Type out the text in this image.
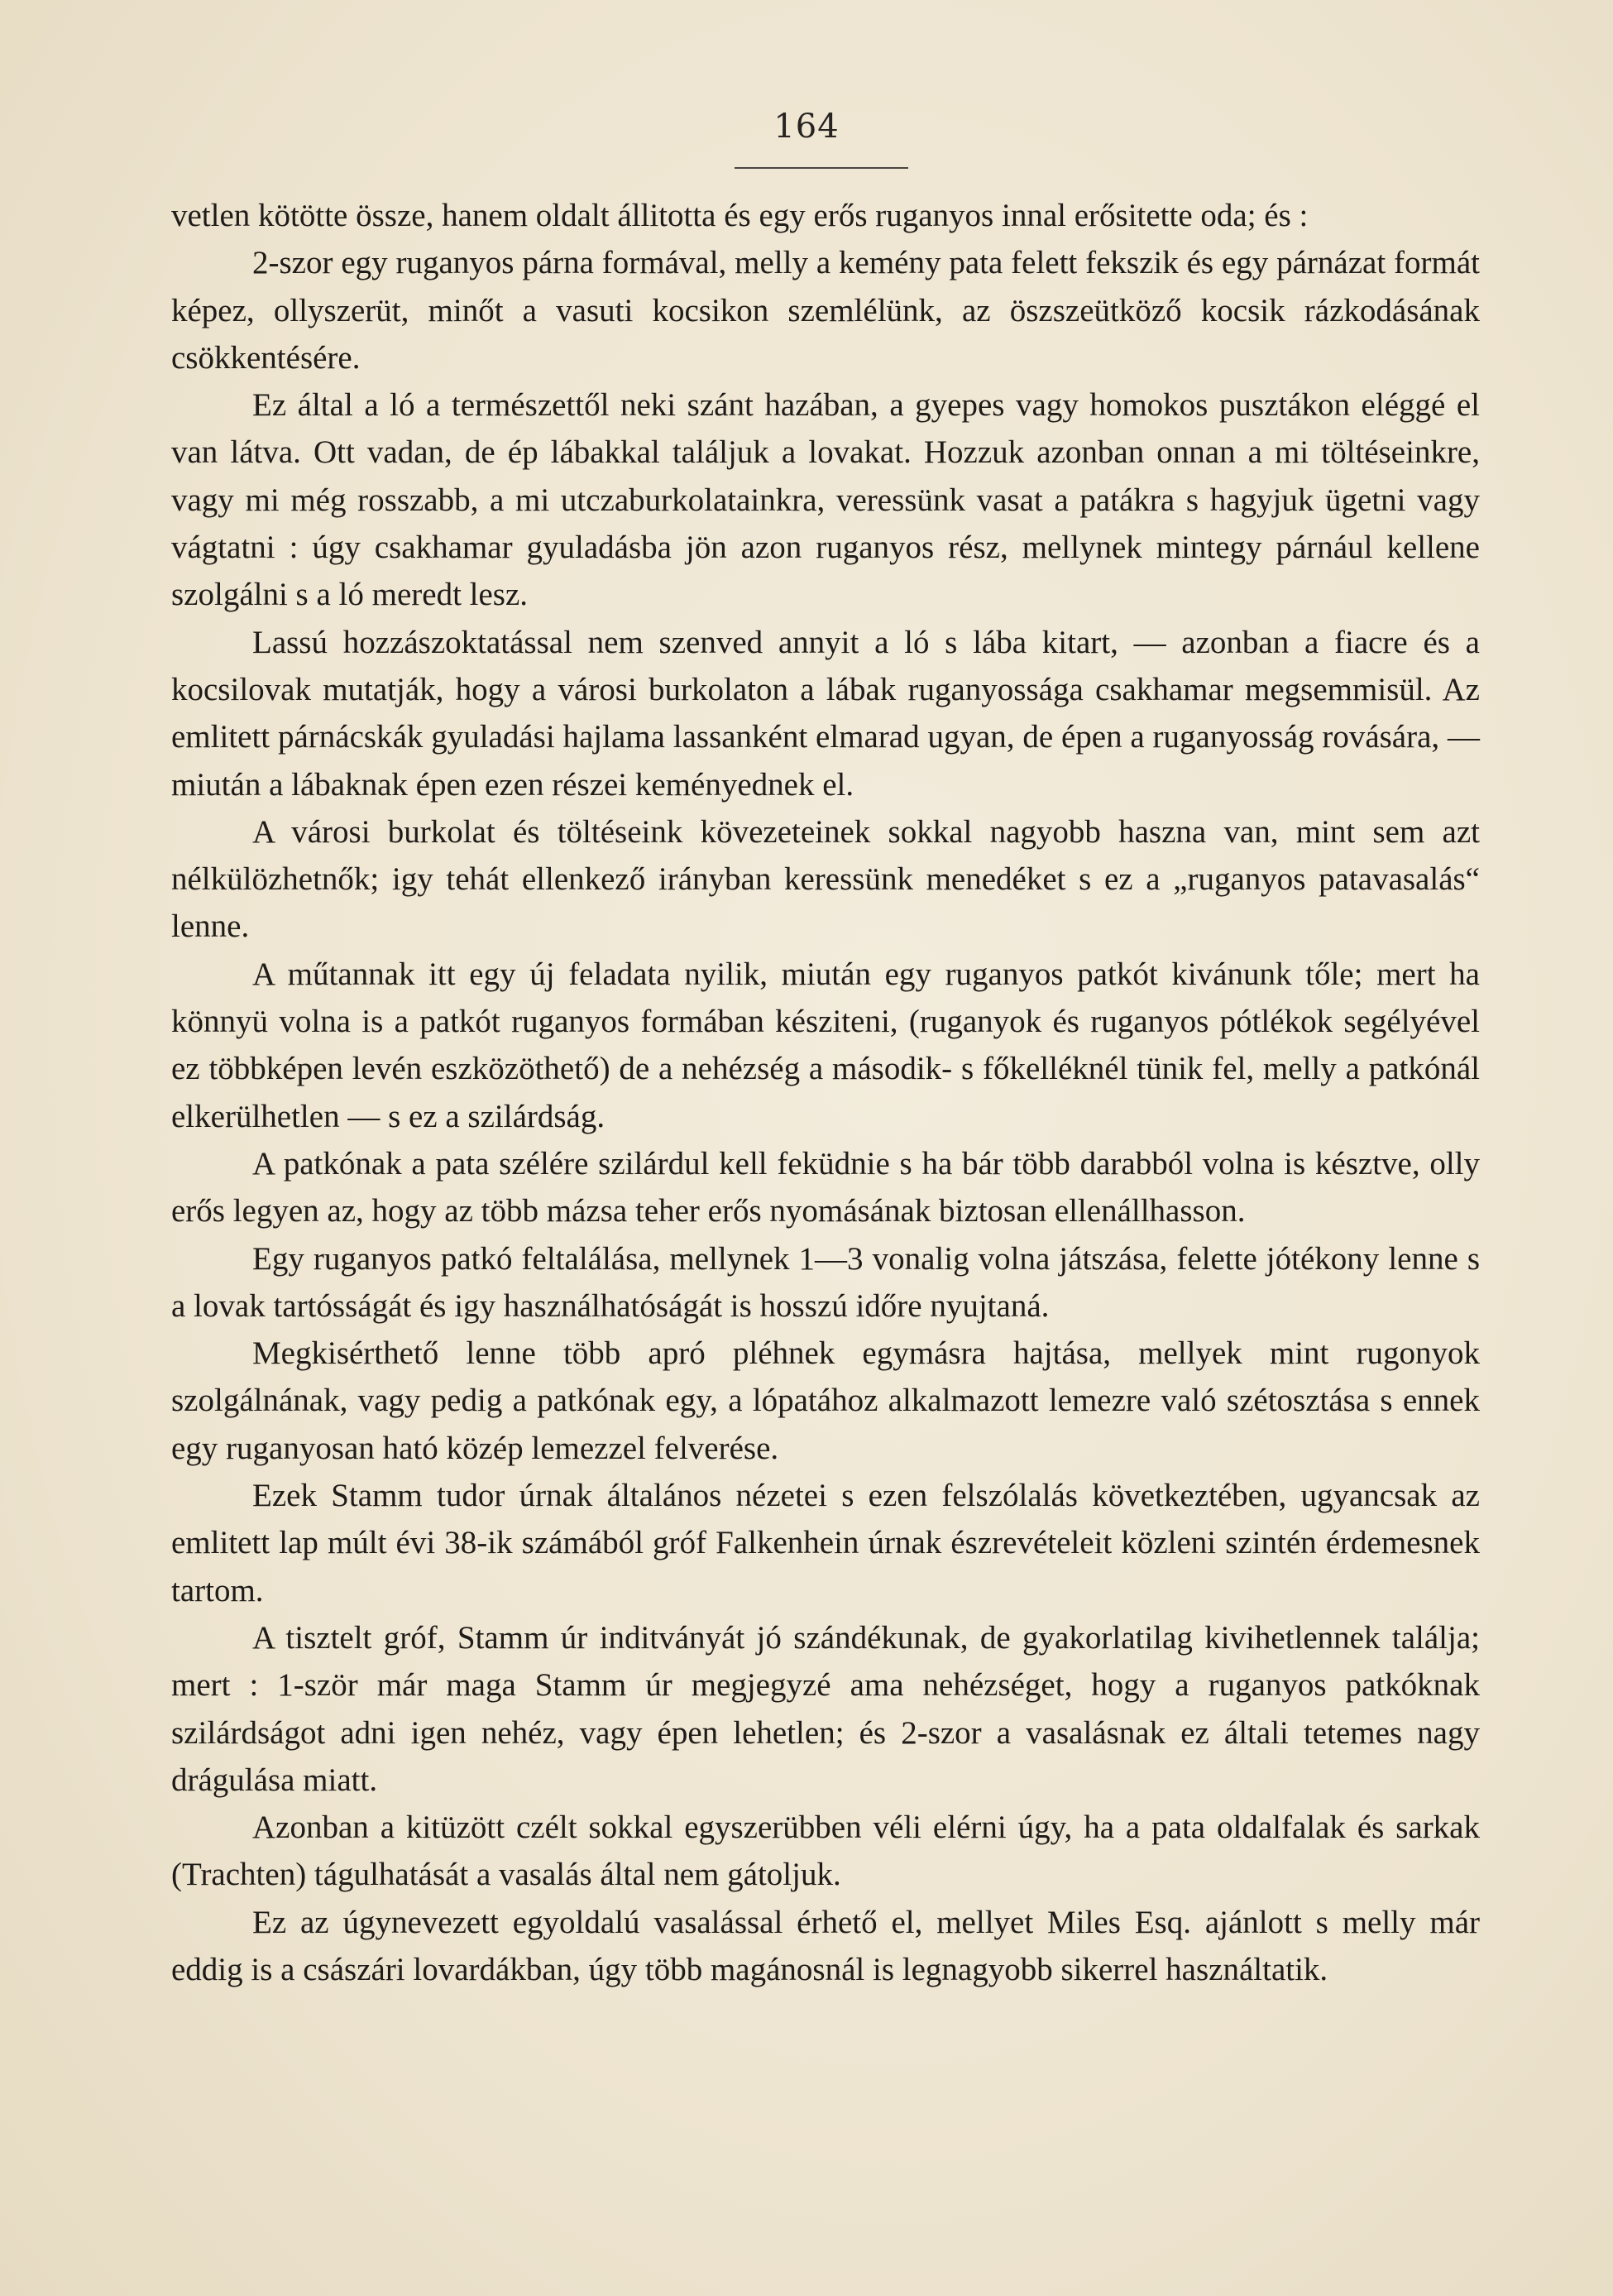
164

vetlen kötötte össze, hanem oldalt állitotta és egy erős ruganyos innal erősitette oda; és :

2-szor egy ruganyos párna formával, melly a kemény pata felett fekszik és egy párnázat formát képez, ollyszerüt, minőt a vasuti kocsikon szemlélünk, az öszszeütköző kocsik rázkodásának csökkentésére.

Ez által a ló a természettől neki szánt hazában, a gyepes vagy homokos pusztákon eléggé el van látva. Ott vadan, de ép lábakkal találjuk a lovakat. Hozzuk azonban onnan a mi töltéseinkre, vagy mi még rosszabb, a mi utczaburkolatainkra, veressünk vasat a patákra s hagyjuk ügetni vagy vágtatni : úgy csakhamar gyuladásba jön azon ruganyos rész, mellynek mintegy párnául kellene szolgálni s a ló meredt lesz.

Lassú hozzászoktatással nem szenved annyit a ló s lába kitart, — azonban a fiacre és a kocsilovak mutatják, hogy a városi burkolaton a lábak ruganyossága csakhamar megsemmisül. Az emlitett párnácskák gyuladási hajlama lassanként elmarad ugyan, de épen a ruganyosság rovására, — miután a lábaknak épen ezen részei keményednek el.

A városi burkolat és töltéseink kövezeteinek sokkal nagyobb haszna van, mint sem azt nélkülözhetnők; igy tehát ellenkező irányban keressünk menedéket s ez a „ruganyos patavasalás“ lenne.

A műtannak itt egy új feladata nyilik, miután egy ruganyos patkót kivánunk tőle; mert ha könnyü volna is a patkót ruganyos formában késziteni, (ruganyok és ruganyos pótlékok segélyével ez többképen levén eszközöthető) de a nehézség a második- s főkelléknél tünik fel, melly a patkónál elkerülhetlen — s ez a szilárdság.

A patkónak a pata szélére szilárdul kell feküdnie s ha bár több darabból volna is késztve, olly erős legyen az, hogy az több mázsa teher erős nyomásának biztosan ellenállhasson.

Egy ruganyos patkó feltalálása, mellynek 1—3 vonalig volna játszása, felette jótékony lenne s a lovak tartósságát és igy használhatóságát is hosszú időre nyujtaná.

Megkisérthető lenne több apró pléhnek egymásra hajtása, mellyek mint rugonyok szolgálnának, vagy pedig a patkónak egy, a lópatához alkalmazott lemezre való szétosztása s ennek egy ruganyosan ható közép lemezzel felverése.

Ezek Stamm tudor úrnak általános nézetei s ezen felszólalás következtében, ugyancsak az emlitett lap múlt évi 38-ik számából gróf Falkenhein úrnak észrevételeit közleni szintén érdemesnek tartom.

A tisztelt gróf, Stamm úr inditványát jó szándékunak, de gyakorlatilag kivihetlennek találja; mert : 1-ször már maga Stamm úr megjegyzé ama nehézséget, hogy a ruganyos patkóknak szilárdságot adni igen nehéz, vagy épen lehetlen; és 2-szor a vasalásnak ez általi tetemes nagy drágulása miatt.

Azonban a kitüzött czélt sokkal egyszerübben véli elérni úgy, ha a pata oldalfalak és sarkak (Trachten) tágulhatását a vasalás által nem gátoljuk.

Ez az úgynevezett egyoldalú vasalással érhető el, mellyet Miles Esq. ajánlott s melly már eddig is a császári lovardákban, úgy több magánosnál is legnagyobb sikerrel használtatik.
